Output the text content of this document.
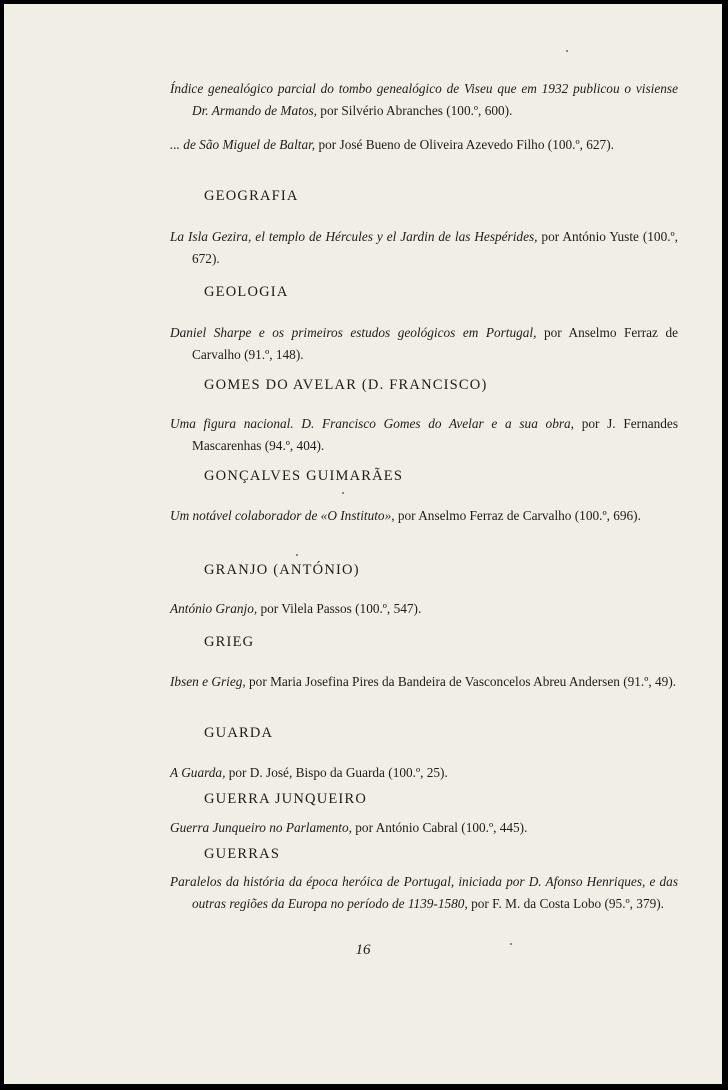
Índice genealógico parcial do tombo genealógico de Viseu que em 1932 publicou o visiense Dr. Armando de Matos, por Silvério Abranches (100.º, 600).
... de São Miguel de Baltar, por José Bueno de Oliveira Azevedo Filho (100.º, 627).
GEOGRAFIA
La Isla Gezira, el templo de Hércules y el Jardin de las Hespérides, por António Yuste (100.º, 672).
GEOLOGIA
Daniel Sharpe e os primeiros estudos geológicos em Portugal, por Anselmo Ferraz de Carvalho (91.º, 148).
GOMES DO AVELAR (D. FRANCISCO)
Uma figura nacional. D. Francisco Gomes do Avelar e a sua obra, por J. Fernandes Mascarenhas (94.º, 404).
GONÇALVES GUIMARÃES
Um notável colaborador de «O Instituto», por Anselmo Ferraz de Carvalho (100.º, 696).
GRANJO (ANTÓNIO)
António Granjo, por Vilela Passos (100.º, 547).
GRIEG
Ibsen e Grieg, por Maria Josefina Pires da Bandeira de Vasconcelos Abreu Andersen (91.º, 49).
GUARDA
A Guarda, por D. José, Bispo da Guarda (100.º, 25).
GUERRA JUNQUEIRO
Guerra Junqueiro no Parlamento, por António Cabral (100.º, 445).
GUERRAS
Paralelos da história da época heróica de Portugal, iniciada por D. Afonso Henriques, e das outras regiões da Europa no período de 1139-1580, por F. M. da Costa Lobo (95.º, 379).
16
